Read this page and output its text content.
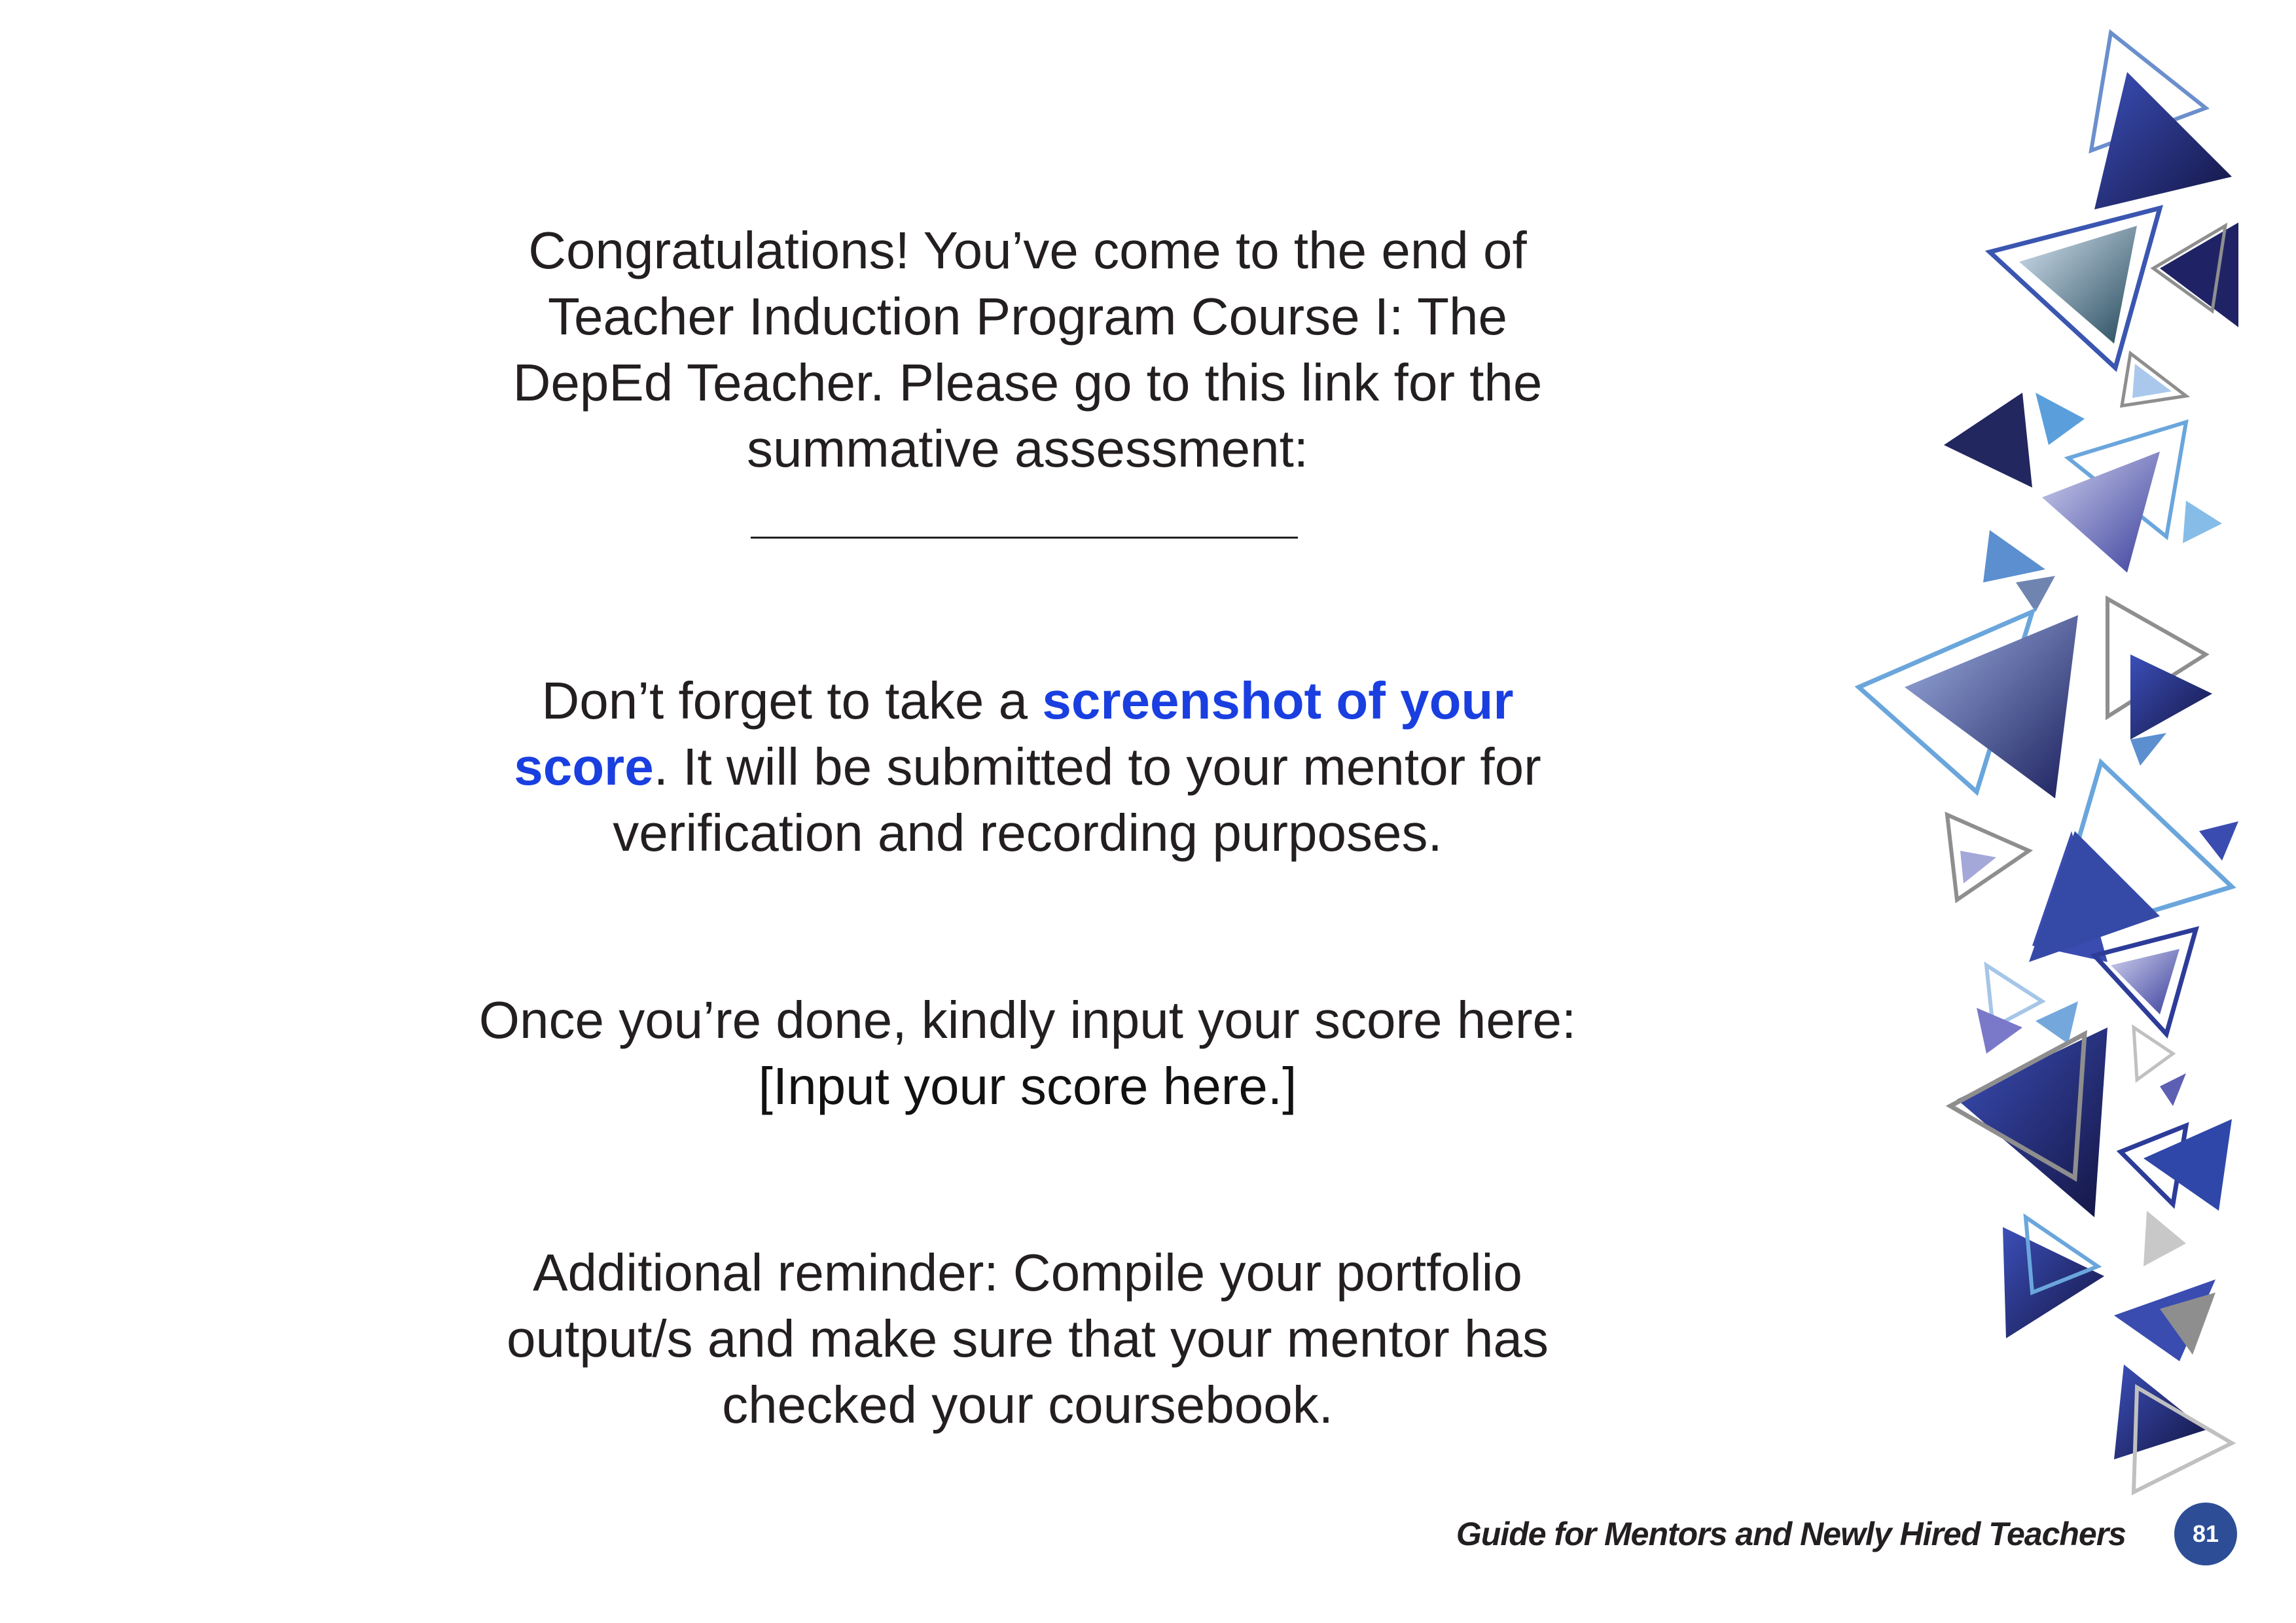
Congratulations! You’ve come to the end of Teacher Induction Program Course I: The DepEd Teacher. Please go to this link for the summative assessment:
Don’t forget to take a screenshot of your score. It will be submitted to your mentor for verification and recording purposes.
Once you’re done, kindly input your score here: [Input your score here.]
Additional reminder: Compile your portfolio output/s and make sure that your mentor has checked your coursebook.
Guide for Mentors and Newly Hired Teachers	81
